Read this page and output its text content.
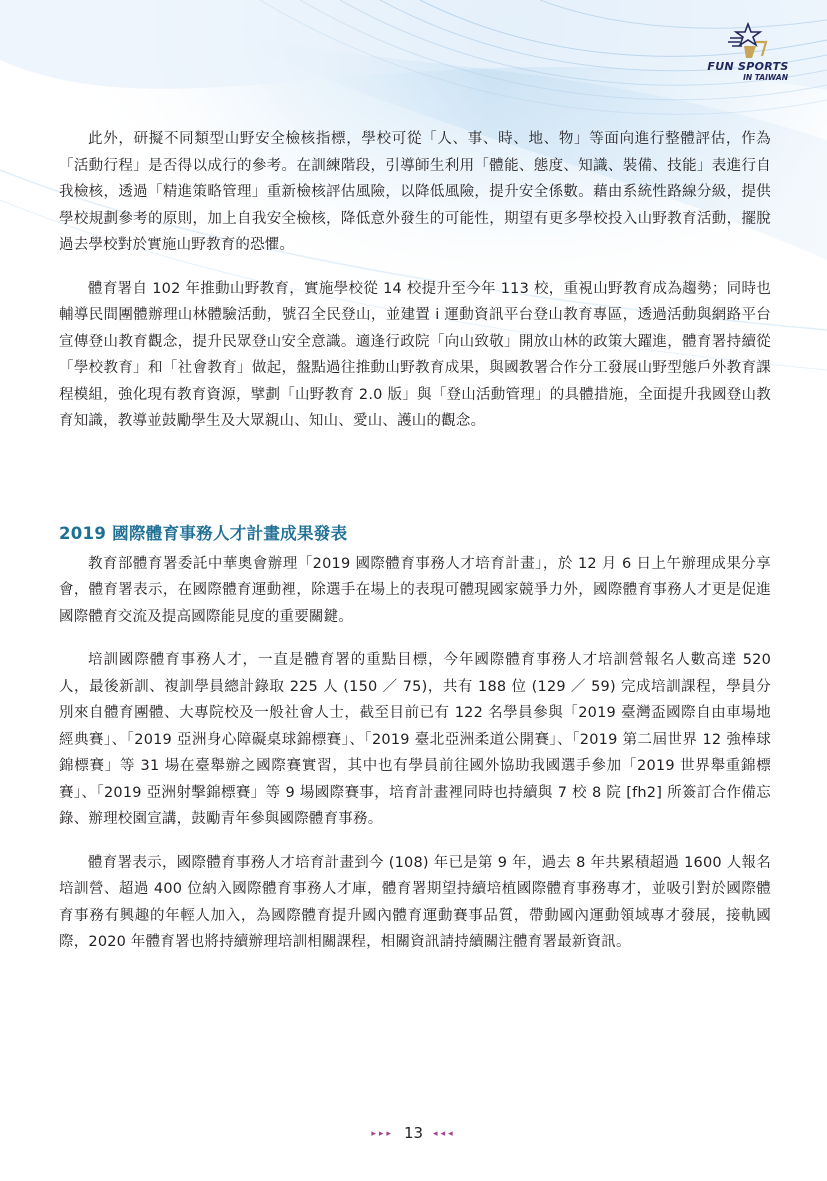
FUN SPORTS
IN TAIWAN

此外，研擬不同類型山野安全檢核指標，學校可從「人、事、時、地、物」等面向進行整體評估，作為「活動行程」是否得以成行的參考。在訓練階段，引導師生利用「體能、態度、知識、裝備、技能」表進行自我檢核，透過「精進策略管理」重新檢核評估風險，以降低風險，提升安全係數。藉由系統性路線分級，提供學校規劃參考的原則，加上自我安全檢核，降低意外發生的可能性，期望有更多學校投入山野教育活動，擺脫過去學校對於實施山野教育的恐懼。

體育署自 102 年推動山野教育，實施學校從 14 校提升至今年 113 校，重視山野教育成為趨勢；同時也輔導民間團體辦理山林體驗活動，號召全民登山，並建置 i 運動資訊平台登山教育專區，透過活動與網路平台宣傳登山教育觀念，提升民眾登山安全意識。適逢行政院「向山致敬」開放山林的政策大躍進，體育署持續從「學校教育」和「社會教育」做起，盤點過往推動山野教育成果，與國教署合作分工發展山野型態戶外教育課程模組，強化現有教育資源，擘劃「山野教育 2.0 版」與「登山活動管理」的具體措施，全面提升我國登山教育知識，教導並鼓勵學生及大眾親山、知山、愛山、護山的觀念。

2019 國際體育事務人才計畫成果發表

教育部體育署委託中華奧會辦理「2019 國際體育事務人才培育計畫」，於 12 月 6 日上午辦理成果分享會，體育署表示，在國際體育運動裡，除選手在場上的表現可體現國家競爭力外，國際體育事務人才更是促進國際體育交流及提高國際能見度的重要關鍵。

培訓國際體育事務人才，一直是體育署的重點目標，今年國際體育事務人才培訓營報名人數高達 520 人，最後新訓、複訓學員總計錄取 225 人 (150 ／ 75)，共有 188 位 (129 ／ 59) 完成培訓課程，學員分別來自體育團體、大專院校及一般社會人士，截至目前已有 122 名學員參與「2019 臺灣盃國際自由車場地經典賽」、「2019 亞洲身心障礙桌球錦標賽」、「2019 臺北亞洲柔道公開賽」、「2019 第二屆世界 12 強棒球錦標賽」等 31 場在臺舉辦之國際賽實習，其中也有學員前往國外協助我國選手參加「2019 世界舉重錦標賽」、「2019 亞洲射擊錦標賽」等 9 場國際賽事，培育計畫裡同時也持續與 7 校 8 院 [fh2] 所簽訂合作備忘錄、辦理校園宣講，鼓勵青年參與國際體育事務。

體育署表示，國際體育事務人才培育計畫到今 (108) 年已是第 9 年，過去 8 年共累積超過 1600 人報名培訓營、超過 400 位納入國際體育事務人才庫，體育署期望持續培植國際體育事務專才，並吸引對於國際體育事務有興趣的年輕人加入，為國際體育提升國內體育運動賽事品質，帶動國內運動領域專才發展，接軌國際，2020 年體育署也將持續辦理培訓相關課程，相關資訊請持續關注體育署最新資訊。

▸▸▸ 13 ◂◂◂
